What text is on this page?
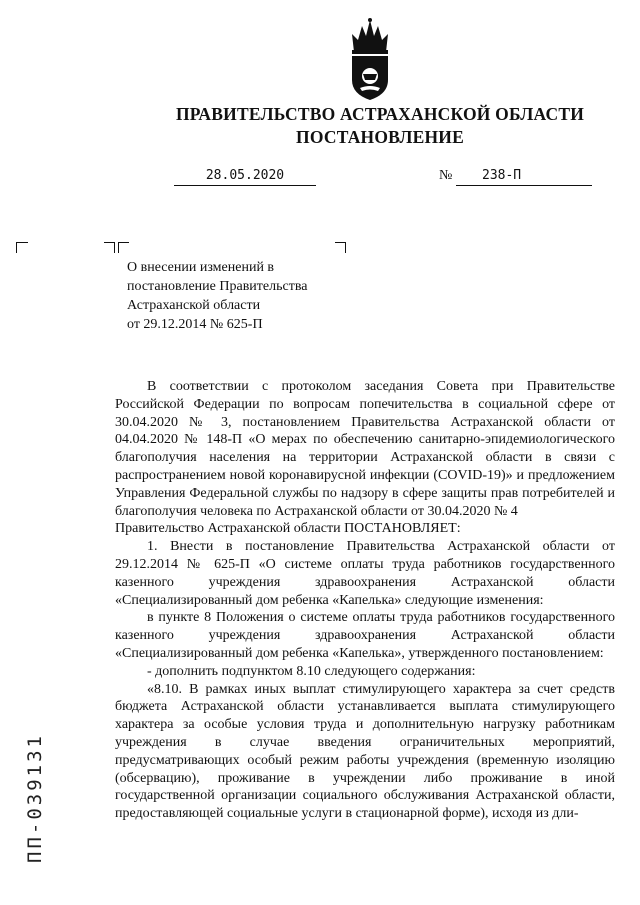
ПРАВИТЕЛЬСТВО АСТРАХАНСКОЙ ОБЛАСТИ
ПОСТАНОВЛЕНИЕ
28.05.2020	№	238-П
О внесении изменений в
постановление Правительства
Астраханской области
от 29.12.2014 № 625-П

В соответствии с протоколом заседания Совета при Правительстве Российской Федерации по вопросам попечительства в социальной сфере от 30.04.2020 № 3, постановлением Правительства Астраханской области от 04.04.2020 № 148-П «О мерах по обеспечению санитарно-эпидемиологического благополучия населения на территории Астраханской области в связи с распространением новой коронавирусной инфекции (COVID-19)» и предложением Управления Федеральной службы по надзору в сфере защиты прав потребителей и благополучия человека по Астраханской области от 30.04.2020 № 4

Правительство Астраханской области ПОСТАНОВЛЯЕТ:

1. Внести в постановление Правительства Астраханской области от 29.12.2014 № 625-П «О системе оплаты труда работников государственного казенного учреждения здравоохранения Астраханской области «Специализированный дом ребенка «Капелька» следующие изменения:

в пункте 8 Положения о системе оплаты труда работников государственного казенного учреждения здравоохранения Астраханской области «Специализированный дом ребенка «Капелька», утвержденного постановлением:

- дополнить подпунктом 8.10 следующего содержания:

«8.10. В рамках иных выплат стимулирующего характера за счет средств бюджета Астраханской области устанавливается выплата стимулирующего характера за особые условия труда и дополнительную нагрузку работникам учреждения в случае введения ограничительных мероприятий, предусматривающих особый режим работы учреждения (временную изоляцию (обсервацию), проживание в учреждении либо проживание в иной государственной организации социального обслуживания Астраханской области, предоставляющей социальные услуги в стационарной форме), исходя из дли-

ПП-039131
